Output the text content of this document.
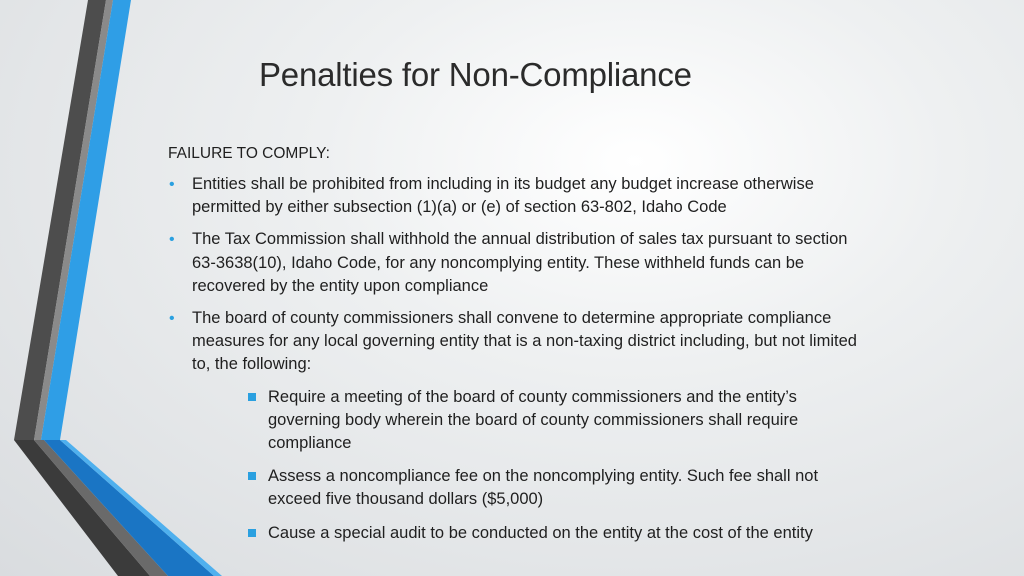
Penalties for Non-Compliance

FAILURE TO COMPLY:

• Entities shall be prohibited from including in its budget any budget increase otherwise permitted by either subsection (1)(a) or (e) of section 63-802, Idaho Code
• The Tax Commission shall withhold the annual distribution of sales tax pursuant to section 63-3638(10), Idaho Code, for any noncomplying entity. These withheld funds can be recovered by the entity upon compliance
• The board of county commissioners shall convene to determine appropriate compliance measures for any local governing entity that is a non-taxing district including, but not limited to, the following:
Require a meeting of the board of county commissioners and the entity’s governing body wherein the board of county commissioners shall require compliance
Assess a noncompliance fee on the noncomplying entity. Such fee shall not exceed five thousand dollars ($5,000)
Cause a special audit to be conducted on the entity at the cost of the entity
